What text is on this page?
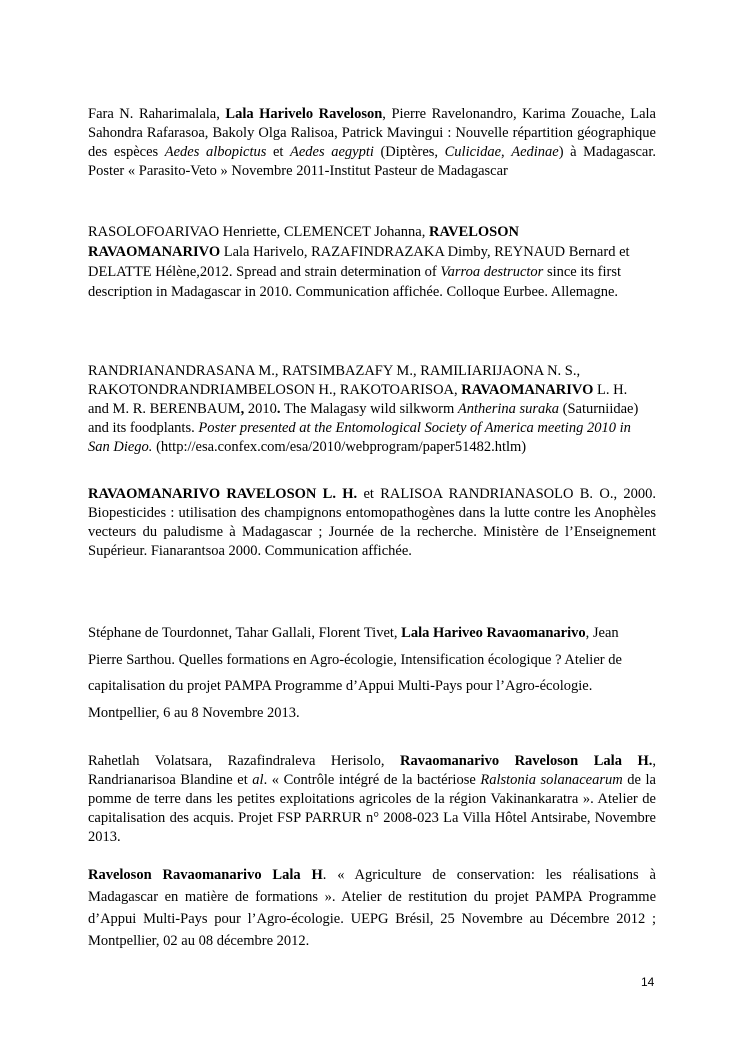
Fara N. Raharimalala, Lala Harivelo Raveloson, Pierre Ravelonandro, Karima Zouache, Lala Sahondra Rafarasoa, Bakoly Olga Ralisoa, Patrick Mavingui : Nouvelle répartition géographique des espèces Aedes albopictus et Aedes aegypti (Diptères, Culicidae, Aedinae) à Madagascar. Poster « Parasito-Veto » Novembre 2011-Institut Pasteur de Madagascar

RASOLOFOARIVAO Henriette, CLEMENCET Johanna, RAVELOSON RAVAOMANARIVO Lala Harivelo, RAZAFINDRAZAKA Dimby, REYNAUD Bernard et DELATTE Hélène,2012. Spread and strain determination of Varroa destructor since its first description in Madagascar in 2010. Communication affichée. Colloque Eurbee. Allemagne.

RANDRIANANDRASANA M., RATSIMBAZAFY M., RAMILIARIJAONA N. S., RAKOTONDRANDRIAMBELOSON H., RAKOTOARISOA, RAVAOMANARIVO L. H. and M. R. BERENBAUM, 2010. The Malagasy wild silkworm Antherina suraka (Saturniidae) and its foodplants. Poster presented at the Entomological Society of America meeting 2010 in San Diego. (http://esa.confex.com/esa/2010/webprogram/paper51482.htlm)

RAVAOMANARIVO RAVELOSON L. H. et RALISOA RANDRIANASOLO B. O., 2000. Biopesticides : utilisation des champignons entomopathogènes dans la lutte contre les Anophèles vecteurs du paludisme à Madagascar ; Journée de la recherche. Ministère de l’Enseignement Supérieur. Fianarantsoa 2000. Communication affichée.

Stéphane de Tourdonnet, Tahar Gallali, Florent Tivet, Lala Hariveo Ravaomanarivo, Jean Pierre Sarthou. Quelles formations en Agro-écologie, Intensification écologique ? Atelier de capitalisation du projet PAMPA Programme d’Appui Multi-Pays pour l’Agro-écologie. Montpellier, 6 au 8 Novembre 2013.

Rahetlah Volatsara, Razafindraleva Herisolo, Ravaomanarivo Raveloson Lala H., Randrianarisoa Blandine et al. « Contrôle intégré de la bactériose Ralstonia solanacearum de la pomme de terre dans les petites exploitations agricoles de la région Vakinankaratra ». Atelier de capitalisation des acquis. Projet FSP PARRUR n° 2008-023 La Villa Hôtel Antsirabe, Novembre 2013.

Raveloson Ravaomanarivo Lala H. « Agriculture de conservation: les réalisations à Madagascar en matière de formations ». Atelier de restitution du projet PAMPA Programme d’Appui Multi-Pays pour l’Agro-écologie. UEPG Brésil, 25 Novembre au Décembre 2012 ; Montpellier, 02 au 08 décembre 2012.

14
